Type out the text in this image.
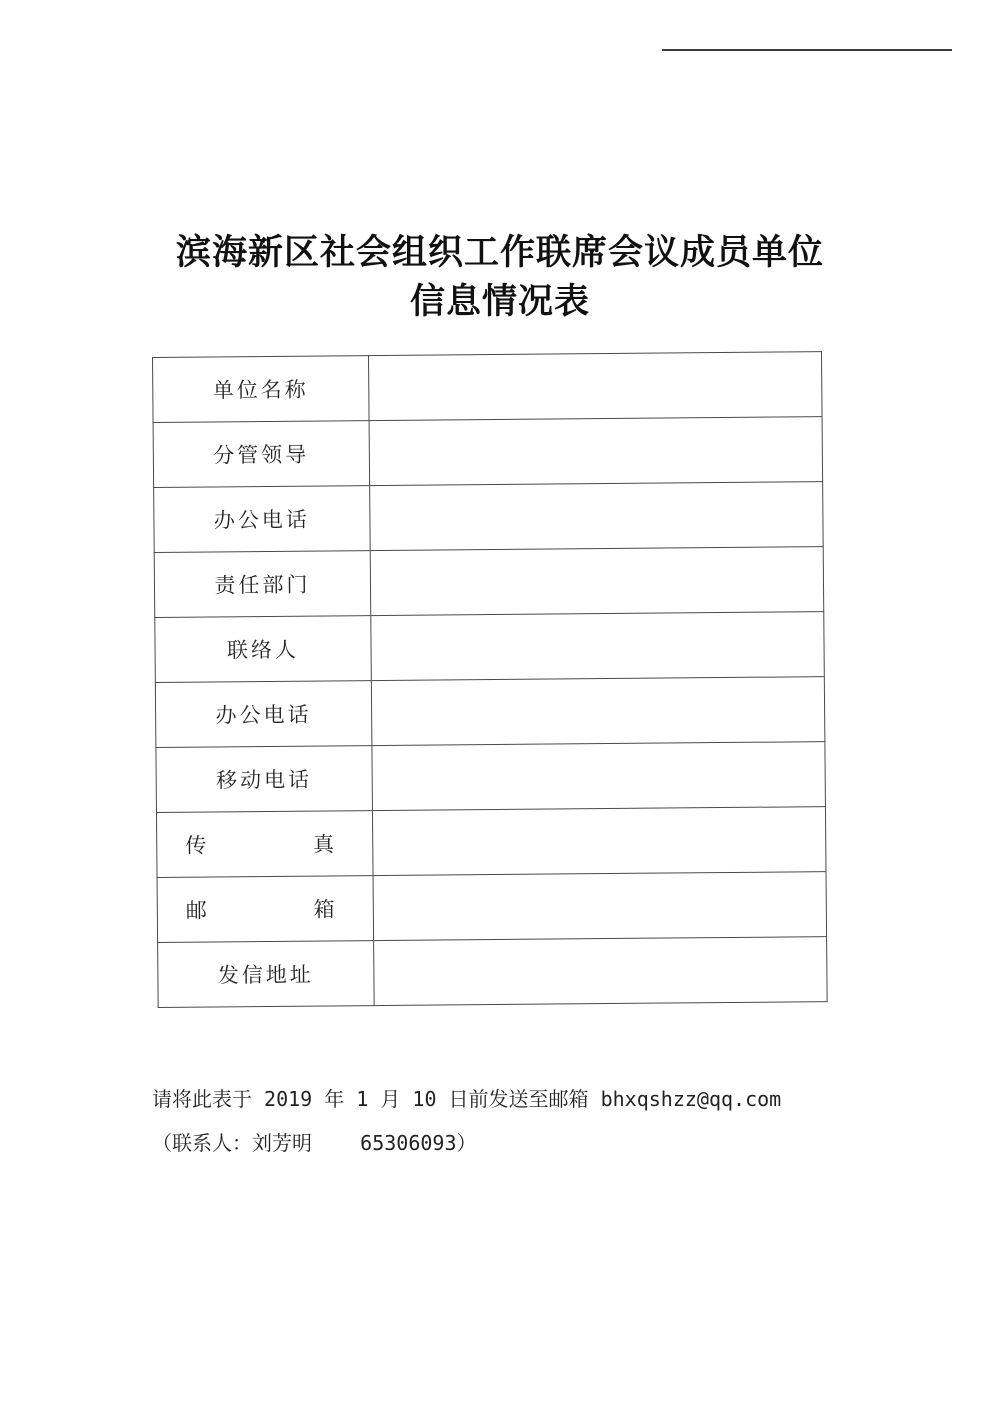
滨海新区社会组织工作联席会议成员单位
信息情况表
单位名称	
分管领导	
办公电话	
责任部门	
联络人	
办公电话	
移动电话	
传 真	
邮 箱	
发信地址	
请将此表于 2019 年 1 月 10 日前发送至邮箱 bhxqshzz@qq.com
（联系人：刘芳明    65306093）
